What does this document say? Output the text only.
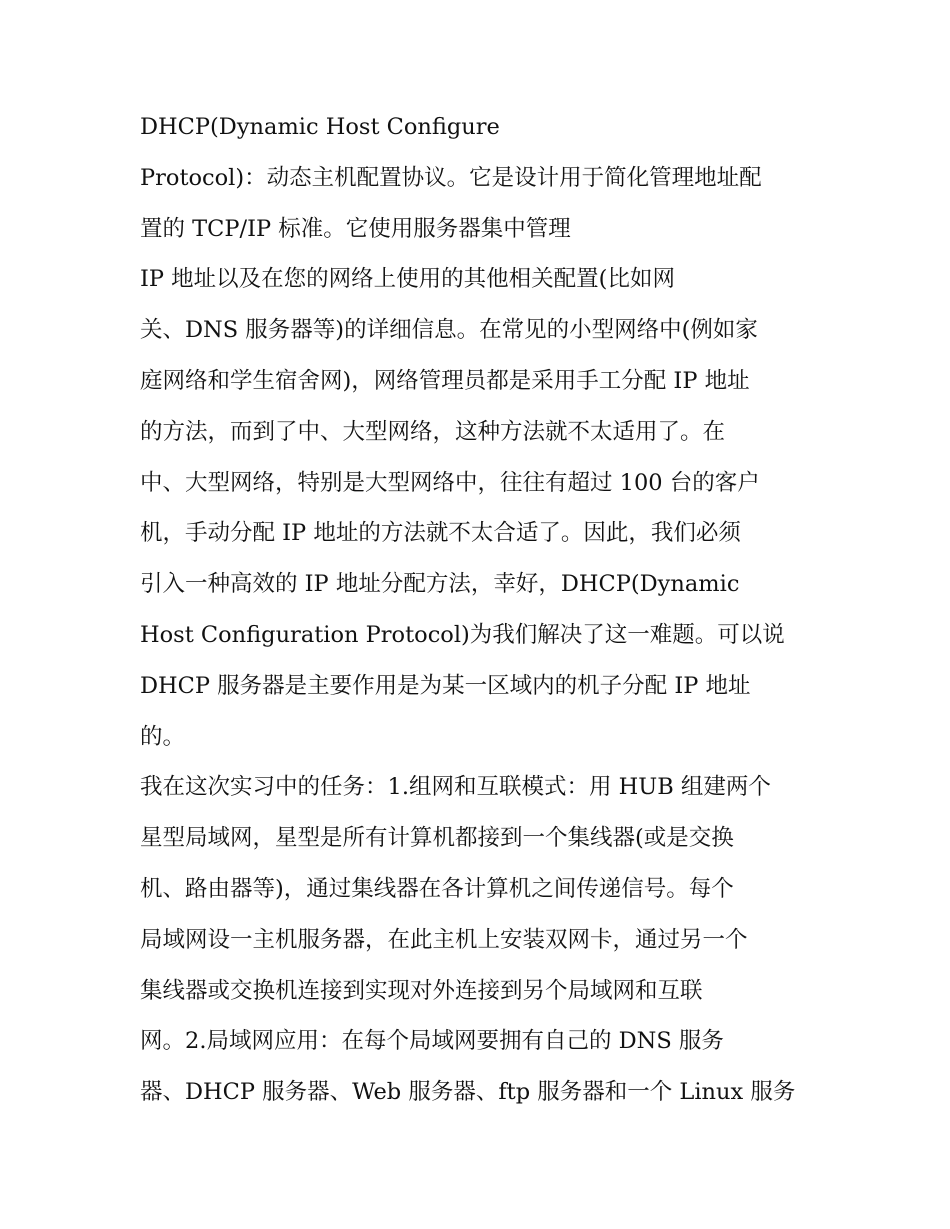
DHCP(Dynamic Host Configure
Protocol)：动态主机配置协议。它是设计用于简化管理地址配
置的 TCP/IP 标准。它使用服务器集中管理
IP 地址以及在您的网络上使用的其他相关配置(比如网
关、DNS 服务器等)的详细信息。在常见的小型网络中(例如家
庭网络和学生宿舍网)，网络管理员都是采用手工分配 IP 地址
的方法，而到了中、大型网络，这种方法就不太适用了。在
中、大型网络，特别是大型网络中，往往有超过 100 台的客户
机，手动分配 IP 地址的方法就不太合适了。因此，我们必须
引入一种高效的 IP 地址分配方法，幸好，DHCP(Dynamic
Host Configuration Protocol)为我们解决了这一难题。可以说
DHCP 服务器是主要作用是为某一区域内的机子分配 IP 地址
的。
我在这次实习中的任务：1.组网和互联模式：用 HUB 组建两个
星型局域网，星型是所有计算机都接到一个集线器(或是交换
机、路由器等)，通过集线器在各计算机之间传递信号。每个
局域网设一主机服务器，在此主机上安装双网卡，通过另一个
集线器或交换机连接到实现对外连接到另个局域网和互联
网。2.局域网应用：在每个局域网要拥有自己的 DNS 服务
器、DHCP 服务器、Web 服务器、ftp 服务器和一个 Linux 服务
